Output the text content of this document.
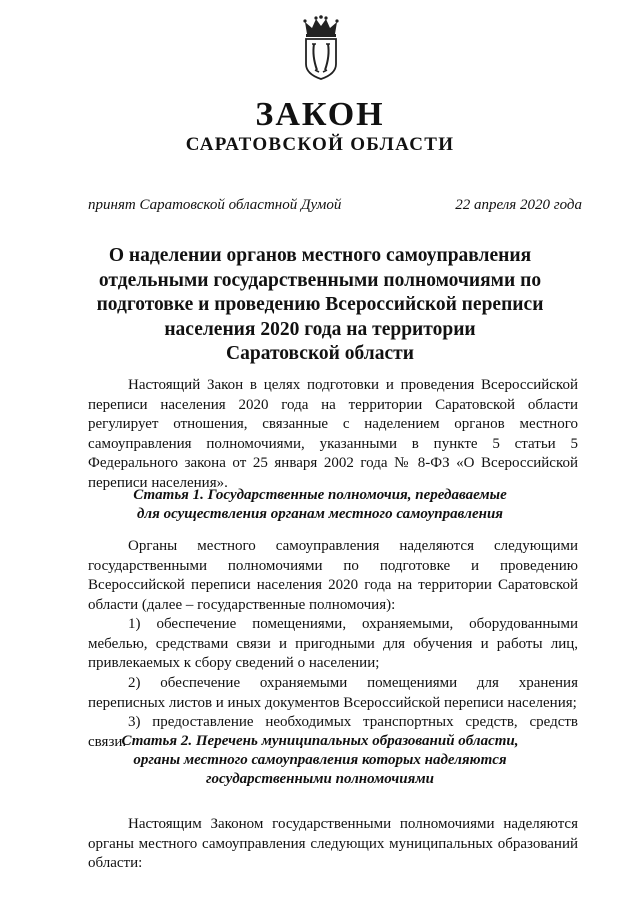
ЗАКОН
САРАТОВСКОЙ ОБЛАСТИ
принят Саратовской областной Думой	22 апреля 2020 года
О наделении органов местного самоуправления
отдельными государственными полномочиями по
подготовке и проведению Всероссийской переписи
населения 2020 года на территории
Саратовской области
Настоящий Закон в целях подготовки и проведения Всероссийской переписи населения 2020 года на территории Саратовской области регулирует отношения, связанные с наделением органов местного самоуправления полномочиями, указанными в пункте 5 статьи 5 Федерального закона от 25 января 2002 года № 8-ФЗ «О Всероссийской переписи населения».
Статья 1. Государственные полномочия, передаваемые
для осуществления органам местного самоуправления
Органы местного самоуправления наделяются следующими государственными полномочиями по подготовке и проведению Всероссийской переписи населения 2020 года на территории Саратовской области (далее – государственные полномочия):
1) обеспечение помещениями, охраняемыми, оборудованными мебелью, средствами связи и пригодными для обучения и работы лиц, привлекаемых к сбору сведений о населении;
2) обеспечение охраняемыми помещениями для хранения переписных листов и иных документов Всероссийской переписи населения;
3) предоставление необходимых транспортных средств, средств связи.
Статья 2. Перечень муниципальных образований области,
органы местного самоуправления которых наделяются
государственными полномочиями
Настоящим Законом государственными полномочиями наделяются органы местного самоуправления следующих муниципальных образований области:
